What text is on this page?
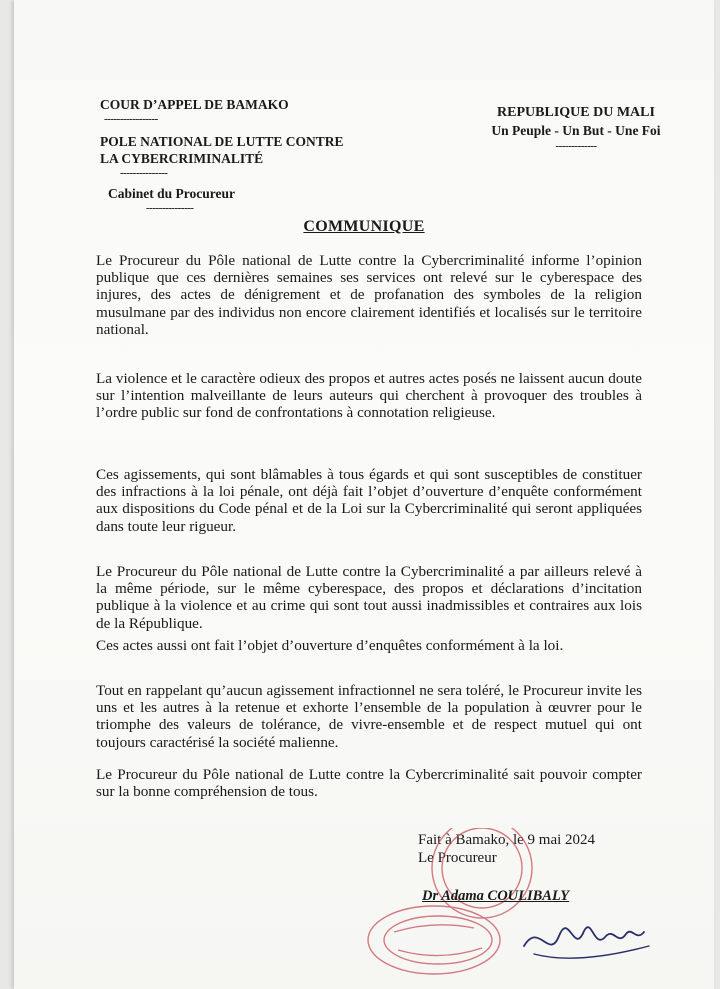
COUR D’APPEL DE BAMAKO
-----------------
POLE NATIONAL DE LUTTE CONTRE
LA CYBERCRIMINALITÉ
---------------
Cabinet du Procureur
---------------
REPUBLIQUE DU MALI
Un Peuple - Un But - Une Foi
-------------
COMMUNIQUE

Le Procureur du Pôle national de Lutte contre la Cybercriminalité informe l’opinion publique que ces dernières semaines ses services ont relevé sur le cyberespace des injures, des actes de dénigrement et de profanation des symboles de la religion musulmane par des individus non encore clairement identifiés et localisés sur le territoire national.

La violence et le caractère odieux des propos et autres actes posés ne laissent aucun doute sur l’intention malveillante de leurs auteurs qui cherchent à provoquer des troubles à l’ordre public sur fond de confrontations à connotation religieuse.

Ces agissements, qui sont blâmables à tous égards et qui sont susceptibles de constituer des infractions à la loi pénale, ont déjà fait l’objet d’ouverture d’enquête conformément aux dispositions du Code pénal et de la Loi sur la Cybercriminalité qui seront appliquées dans toute leur rigueur.

Le Procureur du Pôle national de Lutte contre la Cybercriminalité a par ailleurs relevé à la même période, sur le même cyberespace, des propos et déclarations d’incitation publique à la violence et au crime qui sont tout aussi inadmissibles et contraires aux lois de la République.

Ces actes aussi ont fait l’objet d’ouverture d’enquêtes conformément à la loi.

Tout en rappelant qu’aucun agissement infractionnel ne sera toléré, le Procureur invite les uns et les autres à la retenue et exhorte l’ensemble de la population à œuvrer pour le triomphe des valeurs de tolérance, de vivre-ensemble et de respect mutuel qui ont toujours caractérisé la société malienne.

Le Procureur du Pôle national de Lutte contre la Cybercriminalité sait pouvoir compter sur la bonne compréhension de tous.

Fait à Bamako, le 9 mai 2024
Le Procureur
Dr Adama COULIBALY
